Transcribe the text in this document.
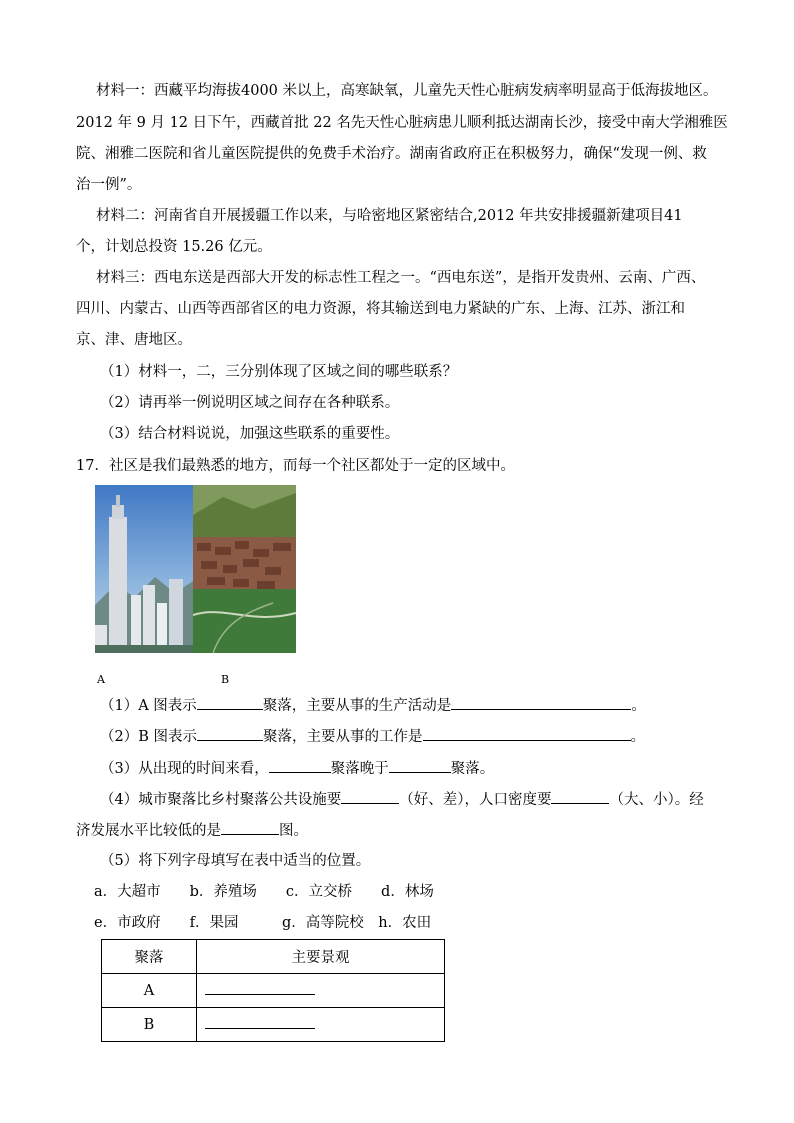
材料一：西藏平均海拔4000 米以上，高寒缺氧，儿童先天性心脏病发病率明显高于低海拔地区。
2012 年 9 月 12 日下午，西藏首批 22 名先天性心脏病患儿顺利抵达湖南长沙，接受中南大学湘雅医
院、湘雅二医院和省儿童医院提供的免费手术治疗。湖南省政府正在积极努力，确保“发现一例、救
治一例”。
材料二：河南省自开展援疆工作以来，与哈密地区紧密结合,2012 年共安排援疆新建项目41
个，计划总投资 15.26 亿元。
材料三：西电东送是西部大开发的标志性工程之一。“西电东送”，是指开发贵州、云南、广西、
四川、内蒙古、山西等西部省区的电力资源，将其输送到电力紧缺的广东、上海、江苏、浙江和
京、津、唐地区。
（1）材料一，二，三分别体现了区域之间的哪些联系？
（2）请再举一例说明区域之间存在各种联系。
（3）结合材料说说，加强这些联系的重要性。
17．社区是我们最熟悉的地方，而每一个社区都处于一定的区域中。
A	B
（1）A 图表示	聚落，主要从事的生产活动是	。
（2）B 图表示	聚落，主要从事的工作是	。
（3）从出现的时间来看，	聚落晚于	聚落。
（4）城市聚落比乡村聚落公共设施要	（好、差），人口密度要	（大、小）。经
济发展水平比较低的是	图。
（5）将下列字母填写在表中适当的位置。
a．大超市　　b．养殖场　　c．立交桥　　d．林场
e．市政府　　f．果园　　　g．高等院校　h．农田
聚落	主要景观
A	
B	
